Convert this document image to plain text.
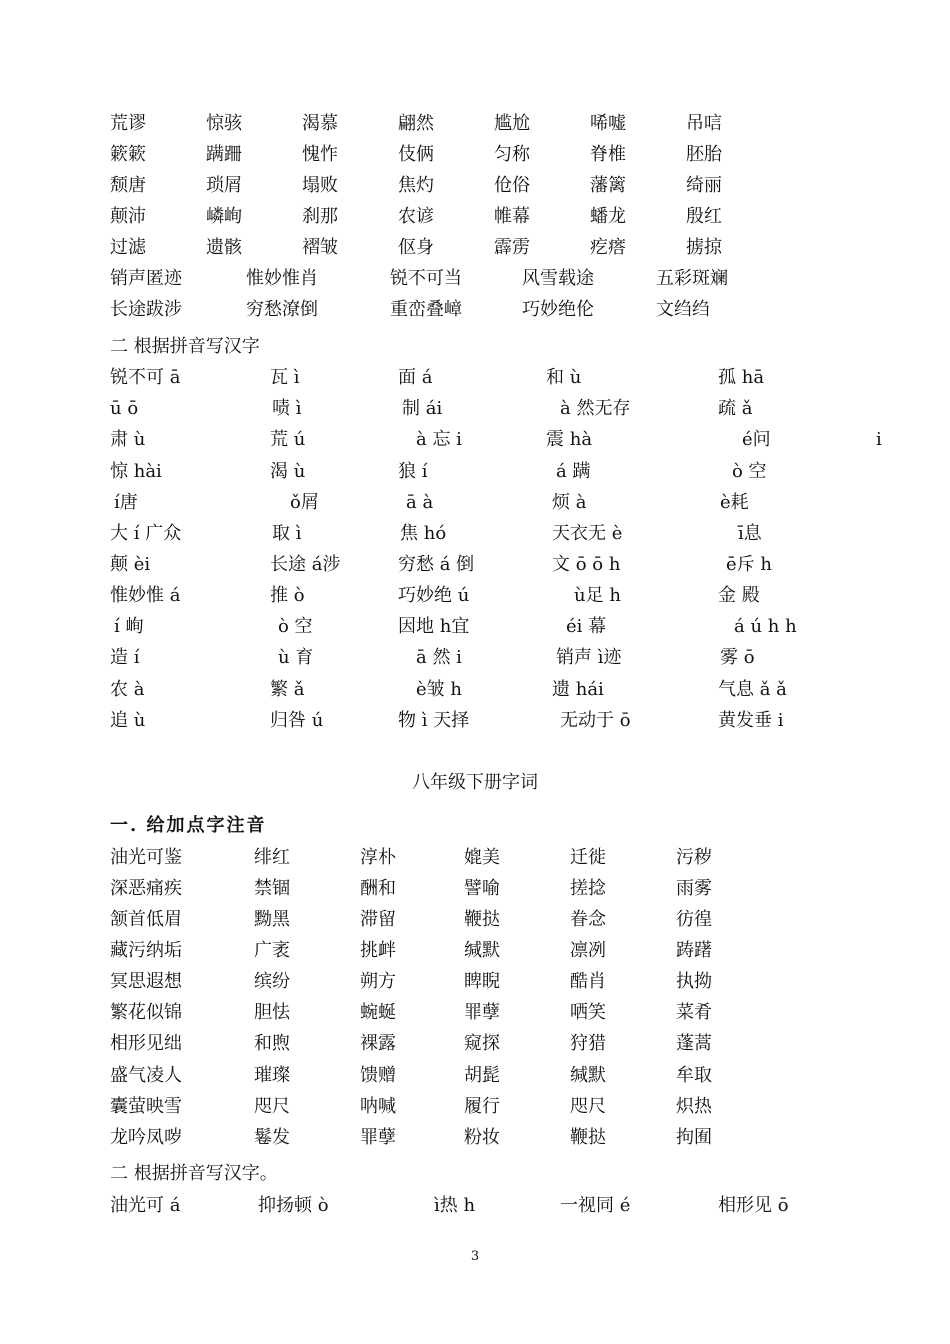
荒谬	惊骇	渴慕	翩然	尴尬	唏嘘	吊唁
簌簌	蹒跚	愧怍	伎俩	匀称	脊椎	胚胎
颓唐	琐屑	塌败	焦灼	伧俗	藩篱	绮丽
颠沛	嶙峋	刹那	农谚	帷幕	蟠龙	殷红
过滤	遗骸	褶皱	伛身	霹雳	疙瘩	掳掠
销声匿迹	惟妙惟肖	锐不可当	风雪载途	五彩斑斓
长途跋涉	穷愁潦倒	重峦叠嶂	巧妙绝伦	文绉绉
二 根据拼音写汉字
锐不可 ā	瓦 ì	面 á	和 ù	孤 hā
ū ō	啧 ì	制 ái	à 然无存	疏 ǎ
肃 ù	荒 ú	à 忘 i	震 hà	é问	i
惊 hài	渴 ù	狼 í	á 蹒	ò 空
í唐	ǒ屑	ā à	烦 à	è耗
大 í 广众	取 ì	焦 hó	天衣无 è	ī息
颠 èi	长途 á涉	穷愁 á 倒	文 ō ō h	ē斥 h
惟妙惟 á	推 ò	巧妙绝 ú	ù足 h	金 殿
í 峋	ò 空	因地 h宜	éi 幕	á ú h h
造 í	ù 育	ā 然 i	销声 ì迹	雾 ō
农 à	繁 ǎ	è皱 h	遗 hái	气息 ǎ ǎ
追 ù	归咎 ú	物 ì 天择	无动于 ō	黄发垂 i
八年级下册字词
一. 给加点字注音
油光可鉴	绯红	淳朴	媲美	迁徙	污秽
深恶痛疾	禁锢	酬和	譬喻	搓捻	雨雾
颔首低眉	黝黑	滞留	鞭挞	眷念	彷徨
藏污纳垢	广袤	挑衅	缄默	凛冽	踌躇
冥思遐想	缤纷	朔方	睥睨	酷肖	执拗
繁花似锦	胆怯	蜿蜒	罪孽	哂笑	菜肴
相形见绌	和煦	裸露	窥探	狩猎	蓬蒿
盛气凌人	璀璨	馈赠	胡髭	缄默	牟取
囊萤映雪	咫尺	呐喊	履行	咫尺	炽热
龙吟凤哕	鬈发	罪孽	粉妆	鞭挞	拘囿
二 根据拼音写汉字。
油光可 á	抑扬顿 ò	ì热 h	一视同 é	相形见 ō
3
